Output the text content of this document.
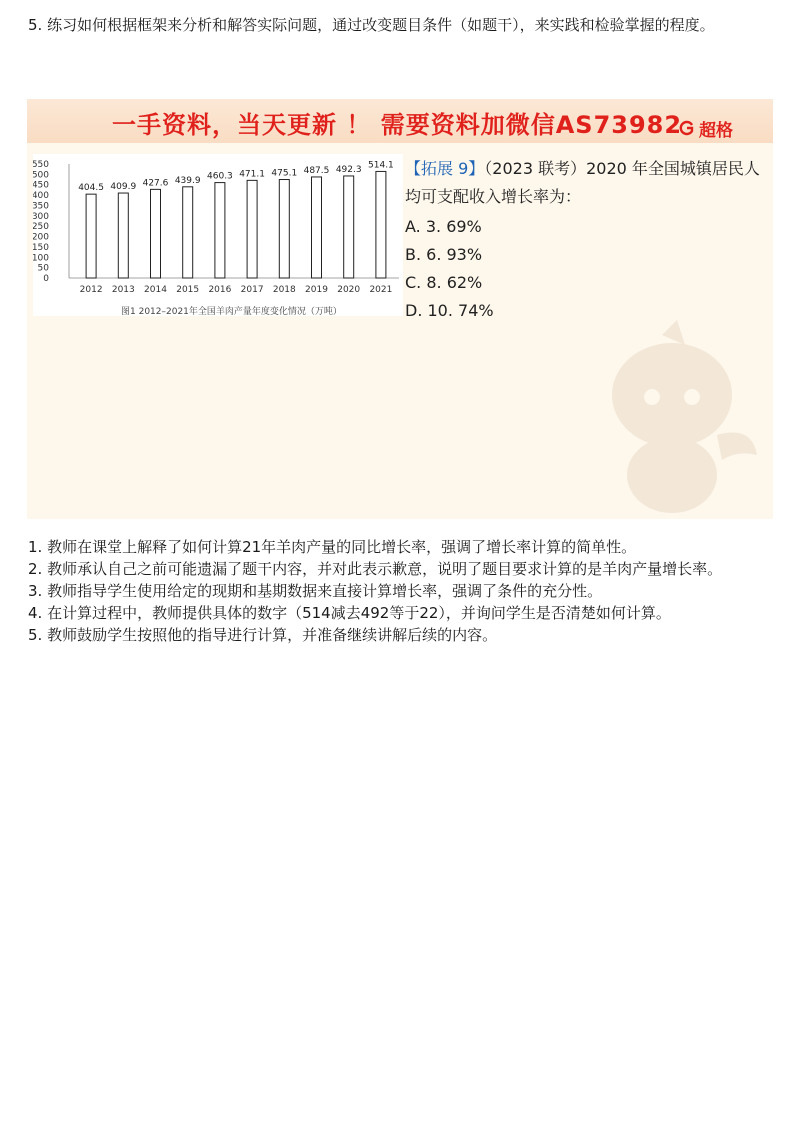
5. 练习如何根据框架来分析和解答实际问题，通过改变题目条件（如题干），来实践和检验掌握的程度。
一手资料，当天更新 ！ 需要资料加微信AS73982 超格
0
50
100
150
200
250
300
350
400
450
500
550
404.5
2012
409.9
2013
427.6
2014
439.9
2015
460.3
2016
471.1
2017
475.1
2018
487.5
2019
492.3
2020
514.1
2021
图1 2012–2021年全国羊肉产量年度变化情况（万吨）
【拓展 9】（2023 联考）2020 年全国城镇居民人均可支配收入增长率为：
A. 3. 69%
B. 6. 93%
C. 8. 62%
D. 10. 74%
1. 教师在课堂上解释了如何计算21年羊肉产量的同比增长率，强调了增长率计算的简单性。
2. 教师承认自己之前可能遗漏了题干内容，并对此表示歉意，说明了题目要求计算的是羊肉产量增长率。
3. 教师指导学生使用给定的现期和基期数据来直接计算增长率，强调了条件的充分性。
4. 在计算过程中，教师提供具体的数字（514减去492等于22），并询问学生是否清楚如何计算。
5. 教师鼓励学生按照他的指导进行计算，并准备继续讲解后续的内容。
